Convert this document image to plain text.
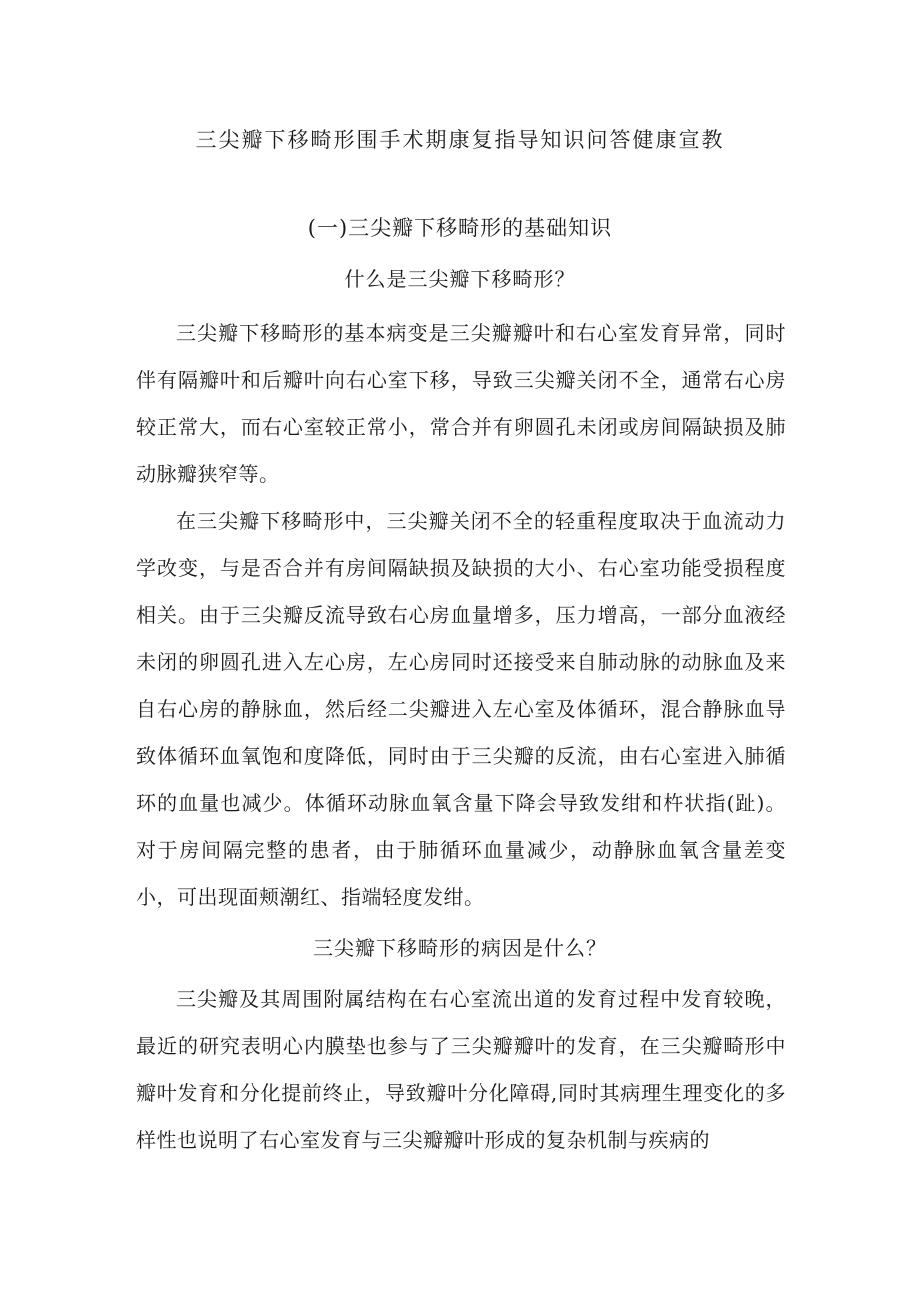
三尖瓣下移畸形围手术期康复指导知识问答健康宣教
(一)三尖瓣下移畸形的基础知识

什么是三尖瓣下移畸形？

三尖瓣下移畸形的基本病变是三尖瓣瓣叶和右心室发育异常，同时伴有隔瓣叶和后瓣叶向右心室下移，导致三尖瓣关闭不全，通常右心房较正常大，而右心室较正常小，常合并有卵圆孔未闭或房间隔缺损及肺动脉瓣狭窄等。

在三尖瓣下移畸形中，三尖瓣关闭不全的轻重程度取决于血流动力学改变，与是否合并有房间隔缺损及缺损的大小、右心室功能受损程度相关。由于三尖瓣反流导致右心房血量增多，压力增高，一部分血液经未闭的卵圆孔进入左心房，左心房同时还接受来自肺动脉的动脉血及来自右心房的静脉血，然后经二尖瓣进入左心室及体循环，混合静脉血导致体循环血氧饱和度降低，同时由于三尖瓣的反流，由右心室进入肺循环的血量也减少。体循环动脉血氧含量下降会导致发绀和杵状指(趾)。对于房间隔完整的患者，由于肺循环血量减少，动静脉血氧含量差变小，可出现面颊潮红、指端轻度发绀。

三尖瓣下移畸形的病因是什么？

三尖瓣及其周围附属结构在右心室流出道的发育过程中发育较晚，最近的研究表明心内膜垫也参与了三尖瓣瓣叶的发育，在三尖瓣畸形中瓣叶发育和分化提前终止，导致瓣叶分化障碍,同时其病理生理变化的多样性也说明了右心室发育与三尖瓣瓣叶形成的复杂机制与疾病的
